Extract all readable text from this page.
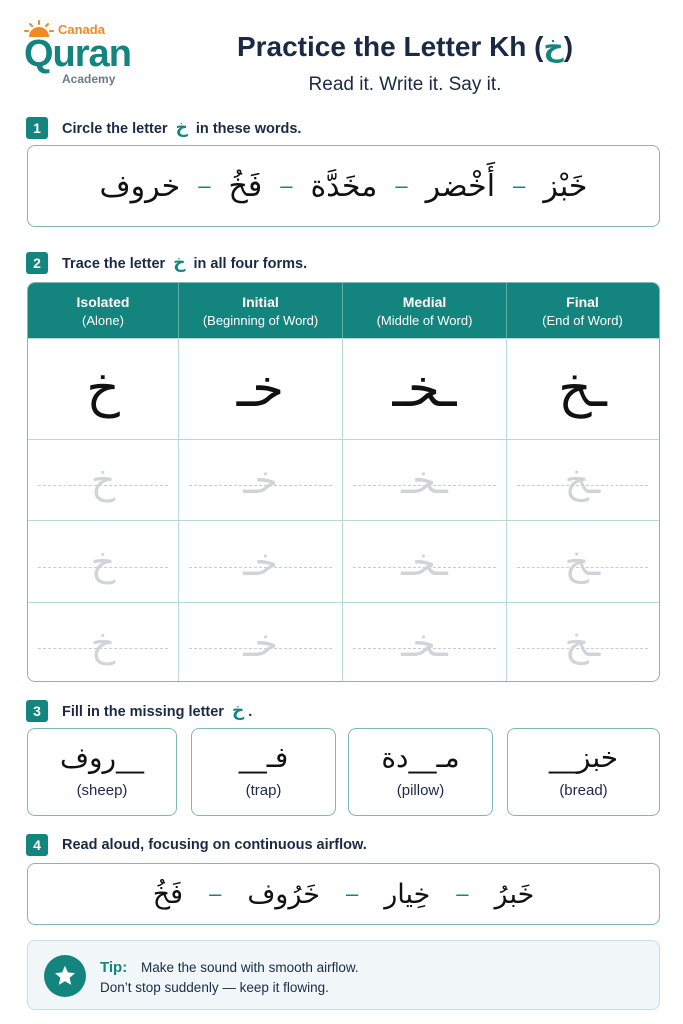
Canada
Quran
Academy
Practice the Letter Kh (خ)
Read it. Write it. Say it.
1	Circle the letter خ in these words.
خَبْز
–
أَخْضر
–
مخَدَّة
–
فَخُ
–
خروف
2	Trace the letter خ in all four forms.
Isolated
(Alone)
Initial
(Beginning of Word)
Medial
(Middle of Word)
Final
(End of Word)
خ خـ ـخـ ـخ
خ	خـ	ـخـ	ـخ
خ	خـ	ـخـ	ـخ
خ	خـ	ـخـ	ـخ
3	Fill in the missing letter خ .
__روف
(sheep)
فـ__
(trap)
مـ__دة
(pillow)
خبز__
(bread)
4	Read aloud, focusing on continuous airflow.
خَبرُ
–
خِيار
–
خَرُوف
–
فَخُ
Tip: Make the sound with smooth airflow.
Don’t stop suddenly — keep it flowing.
